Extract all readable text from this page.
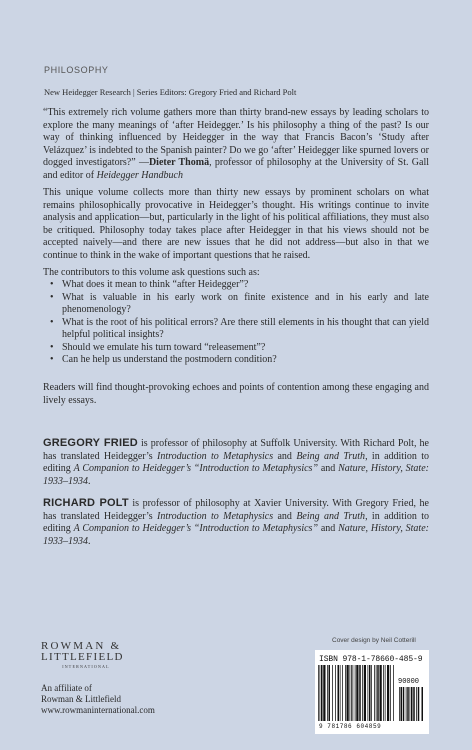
PHILOSOPHY
New Heidegger Research | Series Editors: Gregory Fried and Richard Polt
“This extremely rich volume gathers more than thirty brand-new essays by leading scholars to explore the many meanings of ‘after Heidegger.’ Is his philosophy a thing of the past? Is our way of thinking influenced by Heidegger in the way that Francis Bacon’s ‘Study after Velázquez’ is indebted to the Spanish painter? Do we go ‘after’ Heidegger like spurned lovers or dogged investigators?” —Dieter Thomä, professor of philosophy at the University of St. Gall and editor of Heidegger Handbuch

This unique volume collects more than thirty new essays by prominent scholars on what remains philosophically provocative in Heidegger’s thought. His writings continue to invite analysis and application—but, particularly in the light of his political affiliations, they must also be critiqued. Philosophy today takes place after Heidegger in that his views should not be accepted naively—and there are new issues that he did not address—but also in that we continue to think in the wake of important questions that he raised.

The contributors to this volume ask questions such as:

• What does it mean to think “after Heidegger”?
• What is valuable in his early work on finite existence and in his early and late phenomenology?
• What is the root of his political errors? Are there still elements in his thought that can yield helpful political insights?
• Should we emulate his turn toward “releasement”?
• Can he help us understand the postmodern condition?

Readers will find thought-provoking echoes and points of contention among these engaging and lively essays.

GREGORY FRIED is professor of philosophy at Suffolk University. With Richard Polt, he has translated Heidegger’s Introduction to Metaphysics and Being and Truth, in addition to editing A Companion to Heidegger’s “Introduction to Metaphysics” and Nature, History, State: 1933–1934.

RICHARD POLT is professor of philosophy at Xavier University. With Gregory Fried, he has translated Heidegger’s Introduction to Metaphysics and Being and Truth, in addition to editing A Companion to Heidegger’s “Introduction to Metaphysics” and Nature, History, State: 1933–1934.

ROWMAN &
LITTLEFIELD
INTERNATIONAL
An affiliate of
Rowman & Littlefield
www.rowmaninternational.com
Cover design by Neil Cotterill
ISBN 978-1-78660-485-9
90000
9 781786 604859
